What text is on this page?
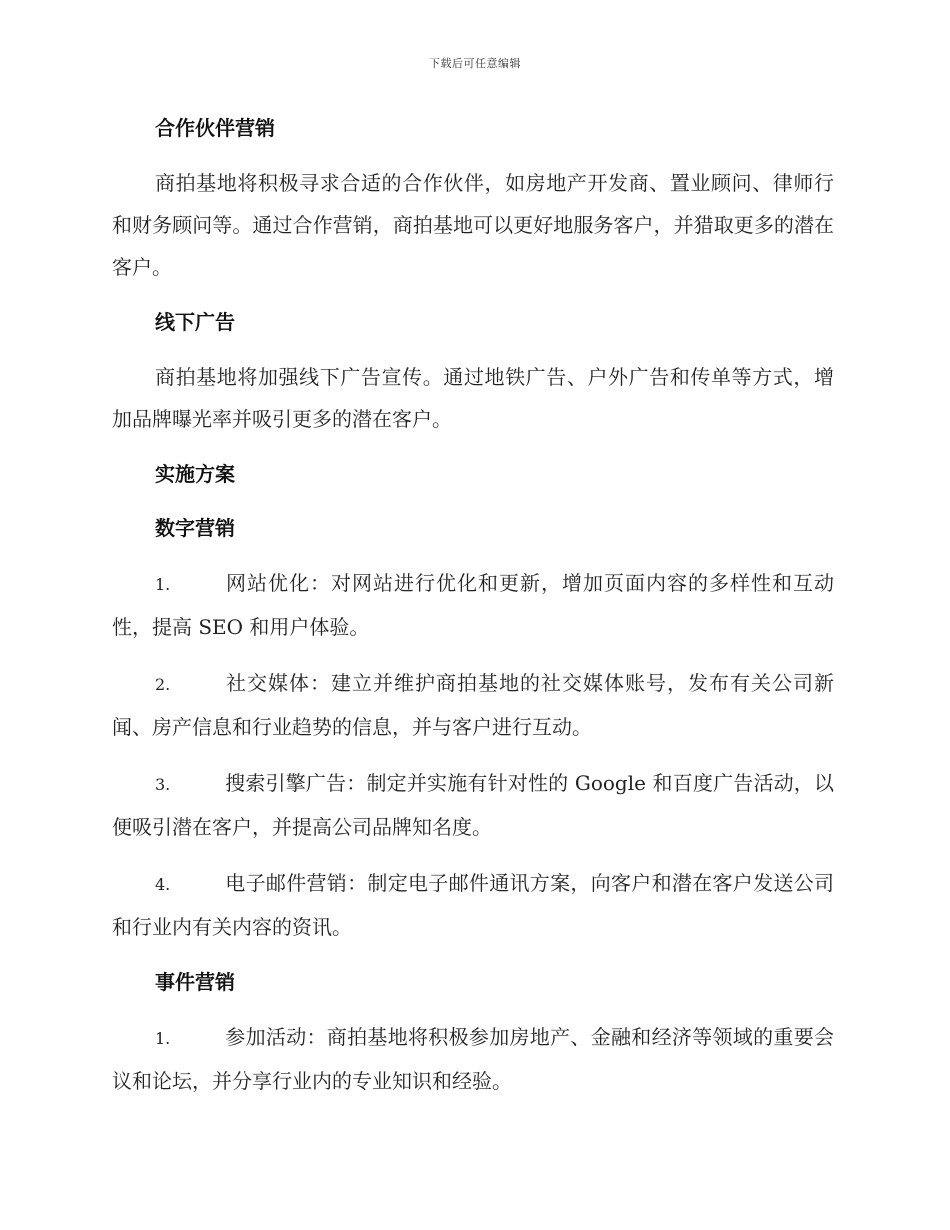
下载后可任意编辑
合作伙伴营销

商拍基地将积极寻求合适的合作伙伴，如房地产开发商、置业顾问、律师行和财务顾问等。通过合作营销，商拍基地可以更好地服务客户，并猎取更多的潜在客户。

线下广告

商拍基地将加强线下广告宣传。通过地铁广告、户外广告和传单等方式，增加品牌曝光率并吸引更多的潜在客户。

实施方案
数字营销

1.	网站优化：对网站进行优化和更新，增加页面内容的多样性和互动性，提高 SEO 和用户体验。

2.	社交媒体：建立并维护商拍基地的社交媒体账号，发布有关公司新闻、房产信息和行业趋势的信息，并与客户进行互动。

3.	搜索引擎广告：制定并实施有针对性的 Google 和百度广告活动，以便吸引潜在客户，并提高公司品牌知名度。

4.	电子邮件营销：制定电子邮件通讯方案，向客户和潜在客户发送公司和行业内有关内容的资讯。

事件营销

1.	参加活动：商拍基地将积极参加房地产、金融和经济等领域的重要会议和论坛，并分享行业内的专业知识和经验。
